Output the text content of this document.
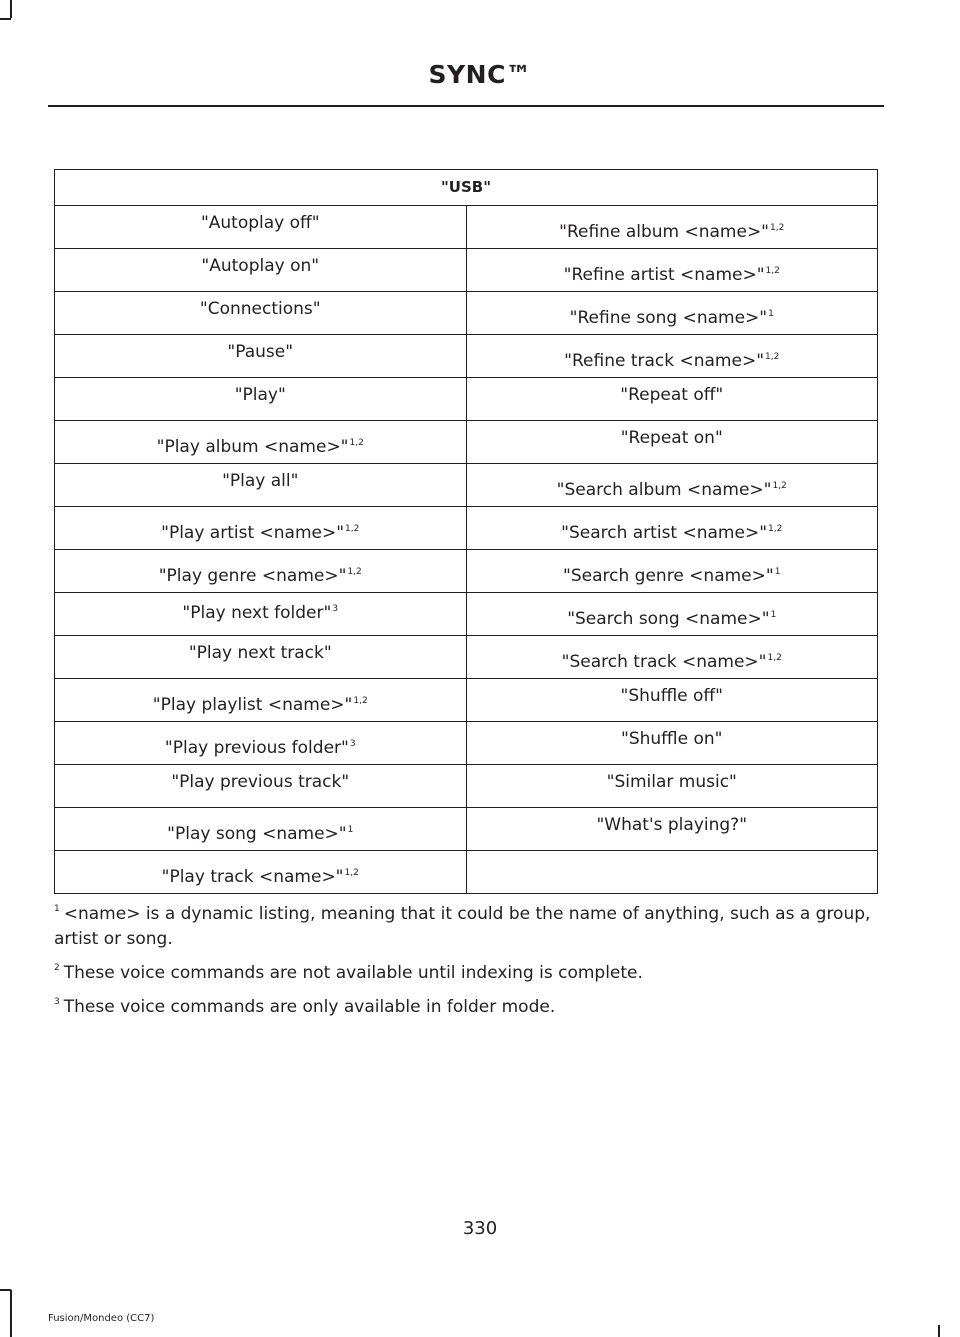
SYNC™
"USB"	
"Autoplay off"	"Refine album <name>"$^{1,2}$
"Autoplay on"	"Refine artist <name>"$^{1,2}$
"Connections"	"Refine song <name>"$^1$
"Pause"	"Refine track <name>"$^{1,2}$
"Play"	"Repeat off"
"Play album <name>"$^{1,2}$	"Repeat on"
"Play all"	"Search album <name>"$^{1,2}$
"Play artist <name>"$^{1,2}$	"Search artist <name>"$^{1,2}$
"Play genre <name>"$^{1,2}$	"Search genre <name>"$^1$
"Play next folder"$^3$	"Search song <name>"$^1$
"Play next track"	"Search track <name>"$^{1,2}$
"Play playlist <name>"$^{1,2}$	"Shuffle off"
"Play previous folder"$^3$	"Shuffle on"
"Play previous track"	"Similar music"
"Play song <name>"$^1$	"What's playing?"
"Play track <name>"$^{1,2}$	

$^1$ <name> is a dynamic listing, meaning that it could be the name of anything, such as a group, artist or song.

$^2$ These voice commands are not available until indexing is complete.

$^3$ These voice commands are only available in folder mode.

330
Fusion/Mondeo (CC7)
